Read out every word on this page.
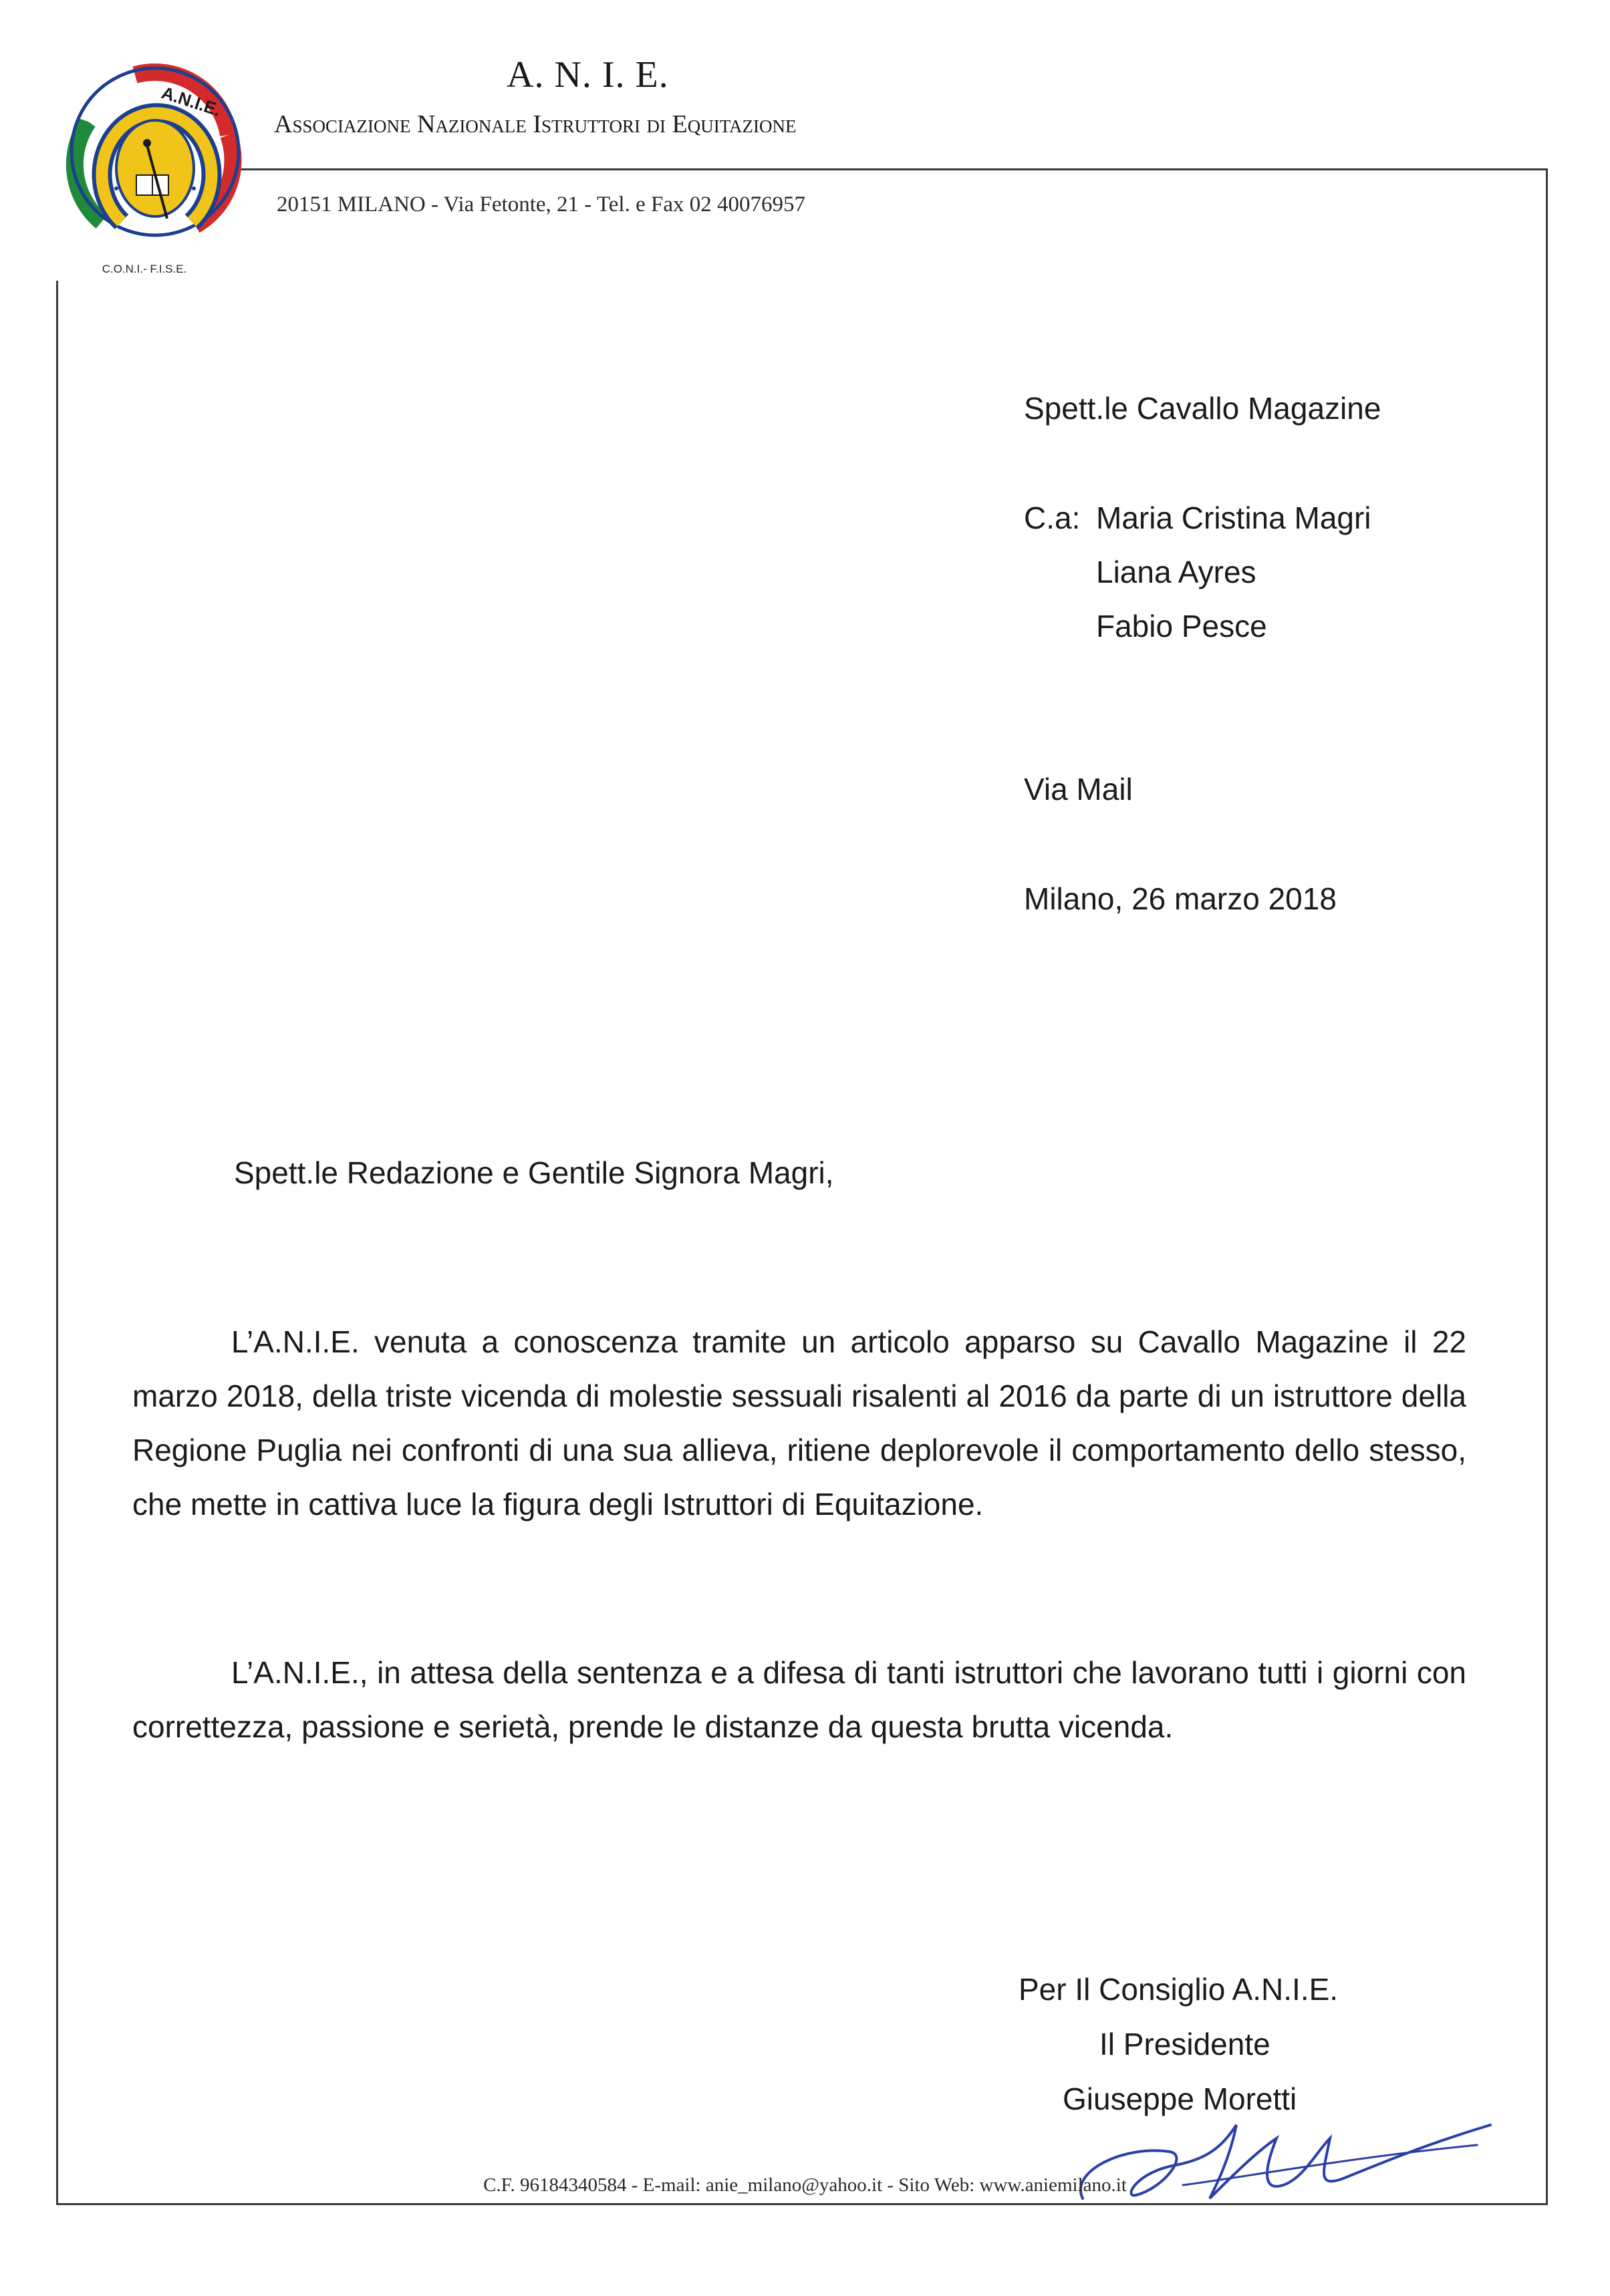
A.N.I.E.
C.O.N.I.- F.I.S.E.
A. N. I. E.
Associazione Nazionale Istruttori di Equitazione
20151 MILANO - Via Fetonte, 21 - Tel. e Fax 02 40076957
Spett.le Cavallo Magazine
C.a: Maria Cristina Magri
Liana Ayres
Fabio Pesce
Via Mail
Milano, 26 marzo 2018
Spett.le Redazione e Gentile Signora Magri,
L’A.N.I.E. venuta a conoscenza tramite un articolo apparso su Cavallo Magazine il 22 marzo 2018, della triste vicenda di molestie sessuali risalenti al 2016 da parte di un istruttore della Regione Puglia nei confronti di una sua allieva, ritiene deplorevole il comportamento dello stesso, che mette in cattiva luce la figura degli Istruttori di Equitazione.
L’A.N.I.E., in attesa della sentenza e a difesa di tanti istruttori che lavorano tutti i giorni con correttezza, passione e serietà, prende le distanze da questa brutta vicenda.
Per Il Consiglio A.N.I.E.
Il Presidente
Giuseppe Moretti
C.F. 96184340584 - E-mail: anie_milano@yahoo.it - Sito Web: www.aniemilano.it
